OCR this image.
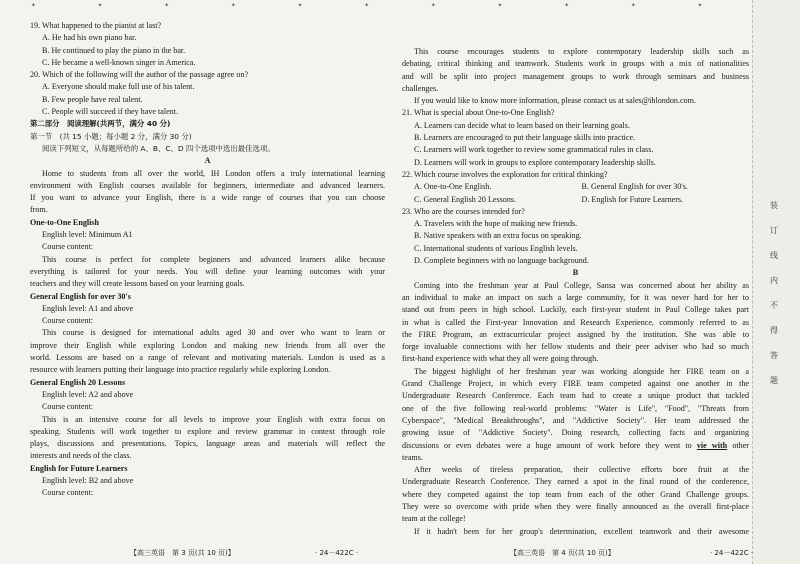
✦	✦	✦	✦	✦	✦	✦	✦	✦	✦	✦
19. What happened to the pianist at last?
A. He had his own piano bar.
B. He continued to play the piano in the bar.
C. He became a well-known singer in America.
20. Which of the following will the author of the passage agree on?
A. Everyone should make full use of his talent.
B. Few people have real talent.
C. People will succeed if they have talent.
第二部分　阅读理解(共两节，满分 40 分)
第一节　(共 15 小题；每小题 2 分，满分 30 分)
阅读下列短文，从每题所给的 A、B、C、D 四个选项中选出最佳选项。
A
Home to students from all over the world, IH London offers a truly international learning
environment with English courses available for beginners, intermediate and advanced learners.
If you want to advance your English, there is a wide range of courses that you can choose
from.
One-to-One English
English level: Minimum A1
Course content:
This course is perfect for complete beginners and advanced learners alike because
everything is tailored for your needs. You will define your learning outcomes with your
teachers and they will create lessons based on your learning goals.
General English for over 30's
English level: A1 and above
Course content:
This course is designed for international adults aged 30 and over who want to learn or
improve their English while exploring London and making new friends from all over the
world. Lessons are based on a range of relevant and motivating materials. London is used as a
resource with learners putting their language into practice regularly while exploring London.
General English 20 Lessons
English level: A2 and above
Course content:
This is an intensive course for all levels to improve your English with extra focus on
speaking. Students will work together to explore and review grammar in context through role
plays, discussions and presentations. Topics, language areas and materials will reflect the
interests and needs of the class.
English for Future Learners
English level: B2 and above
Course content:
This course encourages students to explore contemporary leadership skills such as
debating, critical thinking and teamwork. Students work in groups with a mix of nationalities
and will be split into project management groups to work through seminars and business
challenges.
If you would like to know more information, please contact us at sales@ihlondon.com.
21. What is special about One-to-One English?
A. Learners can decide what to learn based on their learning goals.
B. Learners are encouraged to put their language skills into practice.
C. Learners will work together to review some grammatical rules in class.
D. Learners will work in groups to explore contemporary leadership skills.
22. Which course involves the exploration for critical thinking?
A. One-to-One English.	B. General English for over 30's.
C. General English 20 Lessons.	D. English for Future Learners.
23. Who are the courses intended for?
A. Travelers with the hope of making new friends.
B. Native speakers with an extra focus on speaking.
C. International students of various English levels.
D. Complete beginners with no language background.
B
Coming into the freshman year at Paul College, Sansa was concerned about her ability as
an individual to make an impact on such a large community, for it was never hard for her to
stand out from peers in high school. Luckily, each first-year student in Paul College takes part
in what is called the First-year Innovation and Research Experience, commonly referred to as
the FIRE Program, an extracurricular project assigned by the institution. She was able to
forge invaluable connections with her fellow students and their peer adviser who had so much
first-hand experience with what they all were going through.
The biggest highlight of her freshman year was working alongside her FIRE team on a
Grand Challenge Project, in which every FIRE team competed against one another in the
Undergraduate Research Conference. Each team had to create a unique product that tackled
one of the five following real-world problems: "Water is Life", "Food", "Threats from
Cyberspace", "Medical Breakthroughs", and "Addictive Society". Her team addressed the
growing issue of "Addictive Society". Doing research, collecting facts and organizing
discussions or even debates were a huge amount of work before they went to vie with other
teams.
After weeks of tireless preparation, their collective efforts bore fruit at the
Undergraduate Research Conference. They earned a spot in the final round of the conference,
where they competed against the top team from each of the other Grand Challenge groups.
They were so overcome with pride when they were finally announced as the overall first-place
team at the college!
If it hadn't been for her group's determination, excellent teamwork and their awesome
装
订
线
内
不
得
答
题
【高三英语　第 3 页(共 10 页)】	· 24－422C ·	【高三英语　第 4 页(共 10 页)】	· 24－422C ·
